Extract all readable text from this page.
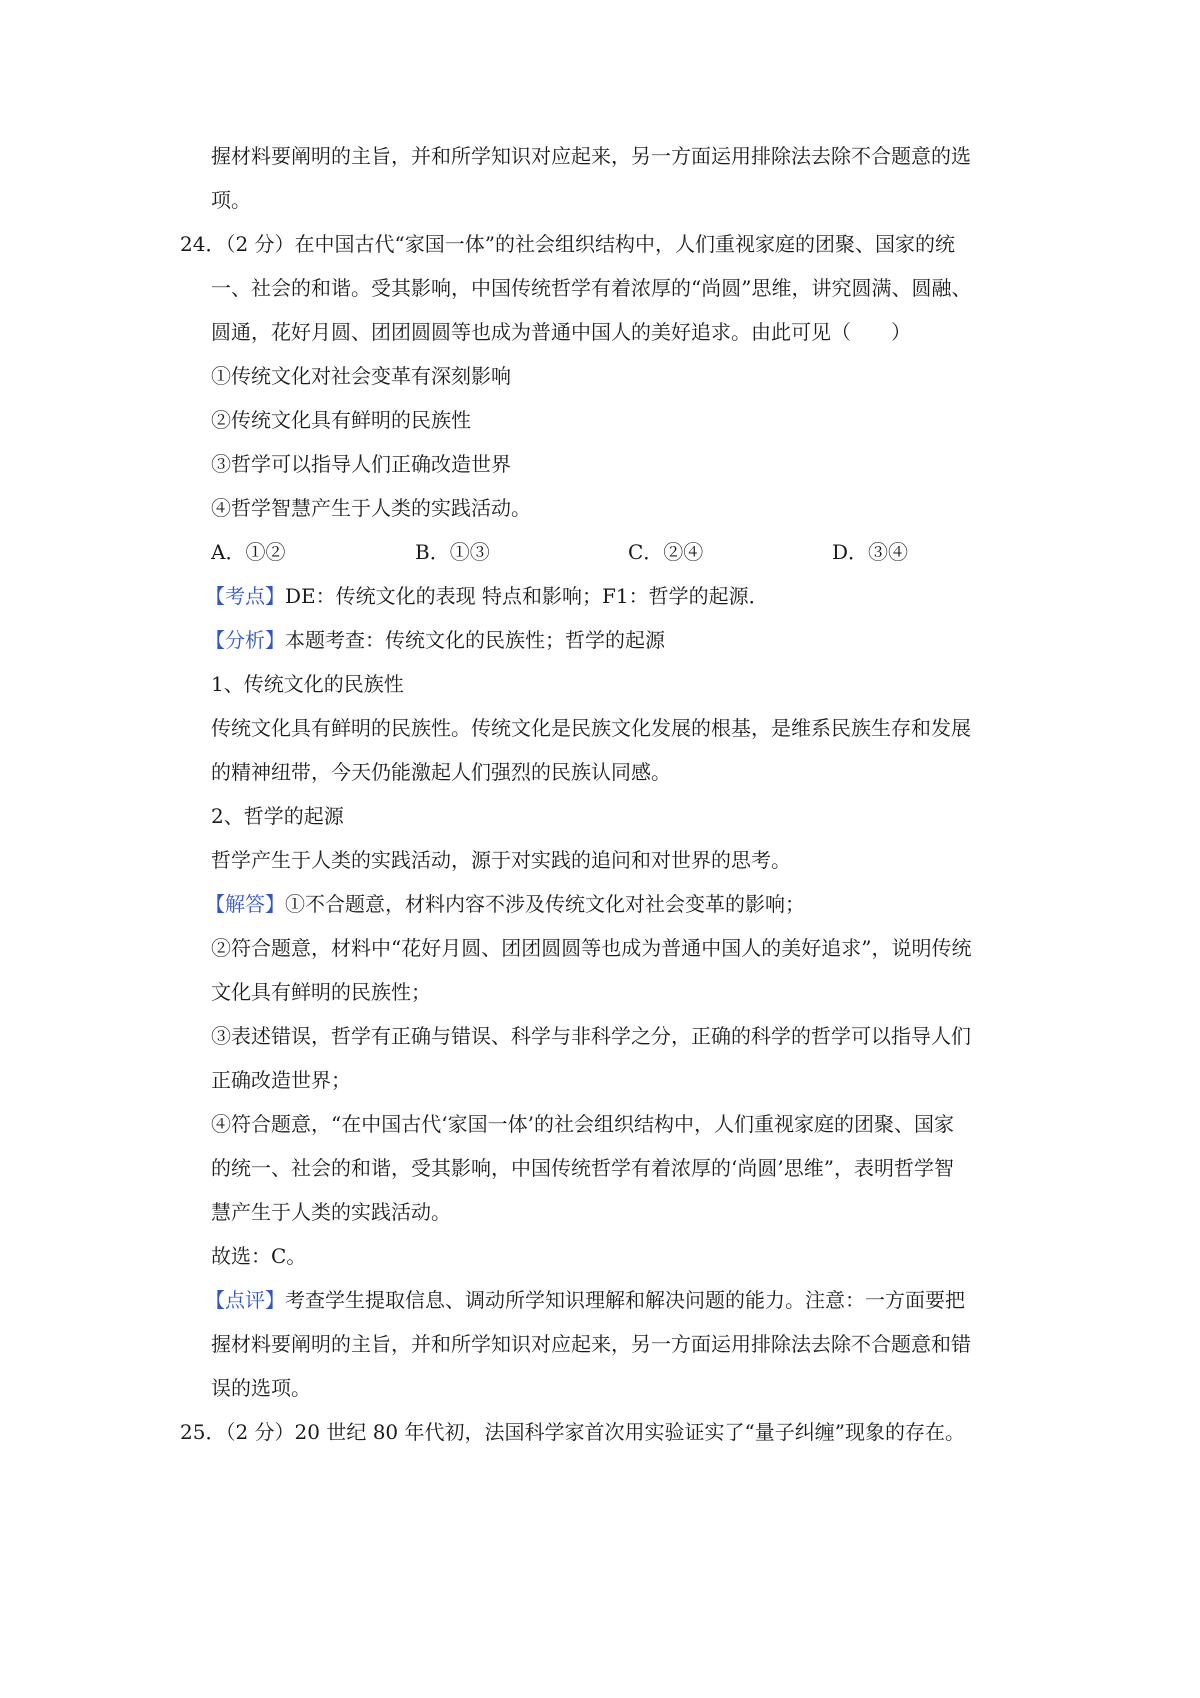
握材料要阐明的主旨，并和所学知识对应起来，另一方面运用排除法去除不合题意的选
项。
24．（2 分）在中国古代“家国一体”的社会组织结构中，人们重视家庭的团聚、国家的统
一、社会的和谐。受其影响，中国传统哲学有着浓厚的“尚圆”思维，讲究圆满、圆融、
圆通，花好月圆、团团圆圆等也成为普通中国人的美好追求。由此可见（　　）
①传统文化对社会变革有深刻影响
②传统文化具有鲜明的民族性
③哲学可以指导人们正确改造世界
④哲学智慧产生于人类的实践活动。
A．①②	B．①③	C．②④	D．③④
【考点】DE：传统文化的表现 特点和影响；F1：哲学的起源．
【分析】本题考查：传统文化的民族性；哲学的起源
1、传统文化的民族性
传统文化具有鲜明的民族性。传统文化是民族文化发展的根基，是维系民族生存和发展
的精神纽带，今天仍能激起人们强烈的民族认同感。
2、哲学的起源
哲学产生于人类的实践活动，源于对实践的追问和对世界的思考。
【解答】①不合题意，材料内容不涉及传统文化对社会变革的影响；
②符合题意，材料中“花好月圆、团团圆圆等也成为普通中国人的美好追求”，说明传统
文化具有鲜明的民族性；
③表述错误，哲学有正确与错误、科学与非科学之分，正确的科学的哲学可以指导人们
正确改造世界；
④符合题意，“在中国古代‘家国一体’的社会组织结构中，人们重视家庭的团聚、国家
的统一、社会的和谐，受其影响，中国传统哲学有着浓厚的‘尚圆’思维”，表明哲学智
慧产生于人类的实践活动。
故选：C。
【点评】考查学生提取信息、调动所学知识理解和解决问题的能力。注意：一方面要把
握材料要阐明的主旨，并和所学知识对应起来，另一方面运用排除法去除不合题意和错
误的选项。
25．（2 分）20 世纪 80 年代初，法国科学家首次用实验证实了“量子纠缠”现象的存在。
